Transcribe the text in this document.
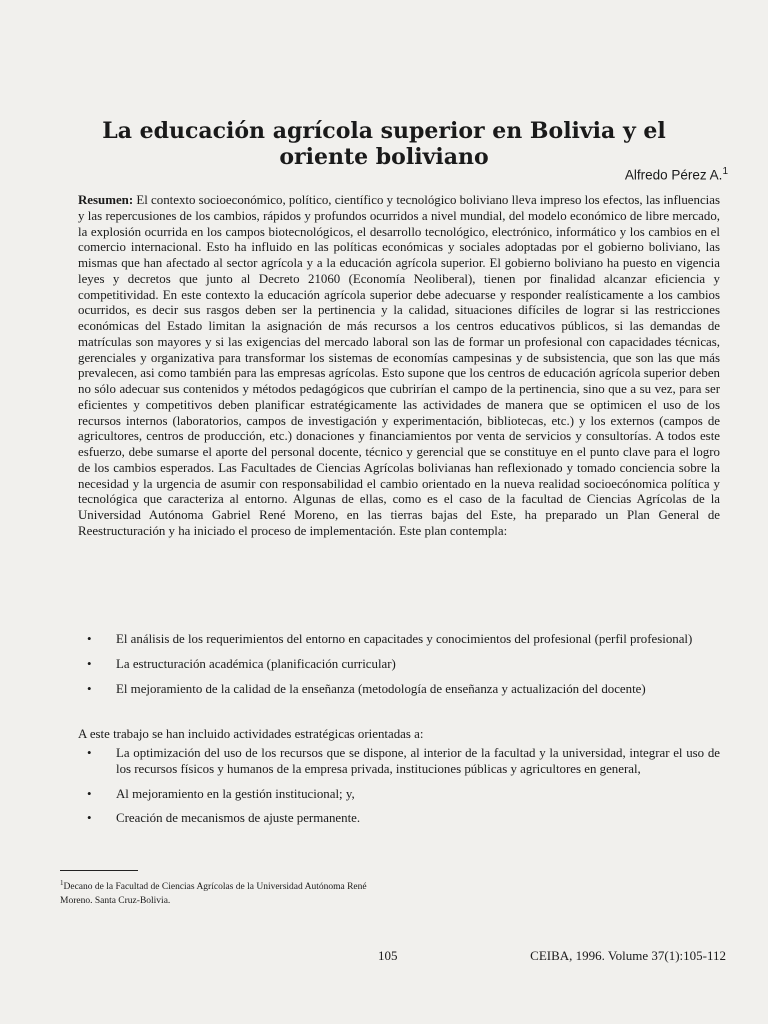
La educación agrícola superior en Bolivia y el oriente boliviano
Alfredo Pérez A.$^1$

Resumen: El contexto socioeconómico, político, científico y tecnológico boliviano lleva impreso los efectos, las influencias y las repercusiones de los cambios, rápidos y profundos ocurridos a nivel mundial, del modelo económico de libre mercado, la explosión ocurrida en los campos biotecnológicos, el desarrollo tecnológico, electrónico, informático y los cambios en el comercio internacional. Esto ha influido en las políticas económicas y sociales adoptadas por el gobierno boliviano, las mismas que han afectado al sector agrícola y a la educación agrícola superior. El gobierno boliviano ha puesto en vigencia leyes y decretos que junto al Decreto 21060 (Economía Neoliberal), tienen por finalidad alcanzar eficiencia y competitividad. En este contexto la educación agrícola superior debe adecuarse y responder realísticamente a los cambios ocurridos, es decir sus rasgos deben ser la pertinencia y la calidad, situaciones difíciles de lograr si las restricciones económicas del Estado limitan la asignación de más recursos a los centros educativos públicos, si las demandas de matrículas son mayores y si las exigencias del mercado laboral son las de formar un profesional con capacidades técnicas, gerenciales y organizativa para transformar los sistemas de economías campesinas y de subsistencia, que son las que más prevalecen, asi como también para las empresas agrícolas. Esto supone que los centros de educación agrícola superior deben no sólo adecuar sus contenidos y métodos pedagógicos que cubrirían el campo de la pertinencia, sino que a su vez, para ser eficientes y competitivos deben planificar estratégicamente las actividades de manera que se optimicen el uso de los recursos internos (laboratorios, campos de investigación y experimentación, bibliotecas, etc.) y los externos (campos de agricultores, centros de producción, etc.) donaciones y financiamientos por venta de servicios y consultorías. A todos este esfuerzo, debe sumarse el aporte del personal docente, técnico y gerencial que se constituye en el punto clave para el logro de los cambios esperados. Las Facultades de Ciencias Agrícolas bolivianas han reflexionado y tomado conciencia sobre la necesidad y la urgencia de asumir con responsabilidad el cambio orientado en la nueva realidad socioecónomica política y tecnológica que caracteriza al entorno. Algunas de ellas, como es el caso de la facultad de Ciencias Agrícolas de la Universidad Autónoma Gabriel René Moreno, en las tierras bajas del Este, ha preparado un Plan General de Reestructuración y ha iniciado el proceso de implementación. Este plan contempla:

• El análisis de los requerimientos del entorno en capacitades y conocimientos del profesional (perfil profesional)
• La estructuración académica (planificación curricular)
• El mejoramiento de la calidad de la enseñanza (metodología de enseñanza y actualización del docente)
A este trabajo se han incluido actividades estratégicas orientadas a:
• La optimización del uso de los recursos que se dispone, al interior de la facultad y la universidad, integrar el uso de los recursos físicos y humanos de la empresa privada, instituciones públicas y agricultores en general,
• Al mejoramiento en la gestión institucional; y,
• Creación de mecanismos de ajuste permanente.
$^1$Decano de la Facultad de Ciencias Agrícolas de la Universidad Autónoma René Moreno. Santa Cruz-Bolivia.
105	CEIBA, 1996. Volume 37(1):105-112
